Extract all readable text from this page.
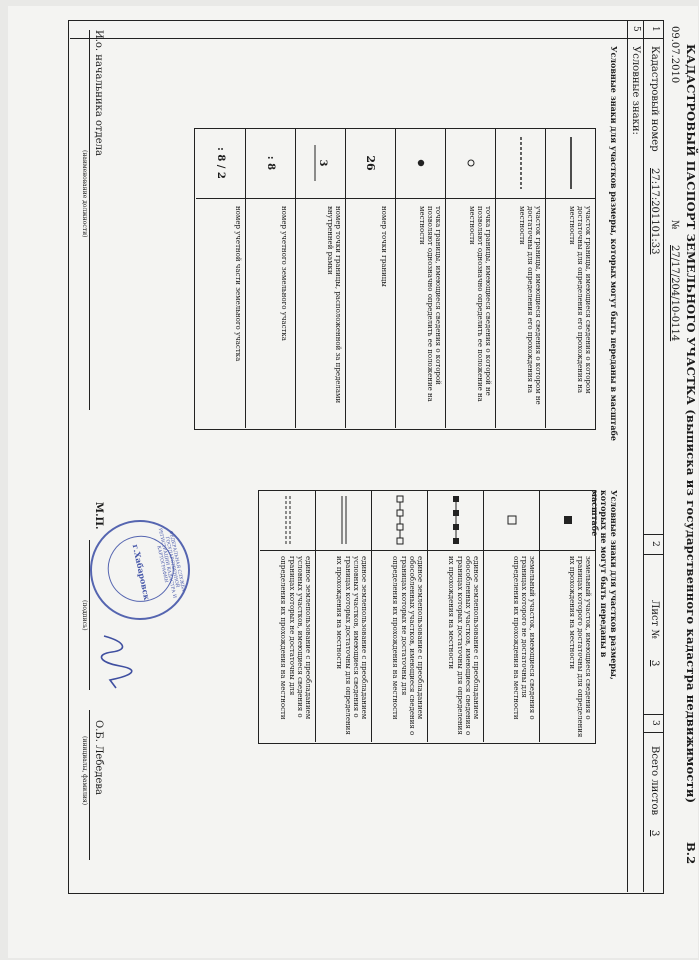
КАДАСТРОВЫЙ ПАСПОРТ ЗЕМЕЛЬНОГО УЧАСТКА (выписка из государственного кадастра недвижимости)
В.2
09.07.2010
№
27/17/204/10-0114
1
Кадастровый номер
27:17:201101:33
2
Лист №
3
3
Всего листов
3
5
Условные знаки:
Условные знаки для участков размеры, которых могут быть переданы в масштабе
Условные знаки для участков размеры, которых не могут быть переданы в масштабе
26
3
: 8
: 8 / 2
участок границы, имеющиеся сведения о котором достаточны для определения его прохождения на местности
участок границы, имеющиеся сведения о котором не достаточны для определения его прохождения на местности
точка границы, имеющиеся сведения о которой не позволяют однозначно определить ее положение на местности
точка границы, имеющиеся сведения о которой позволяют однозначно определить ее положение на местности
номер точки границы
номер точки границы, расположенной за пределами внутренней рамки
номер учетного земельного участка
номер учетной части земельного участка
земельный участок, имеющиеся сведения о границах которого достаточны для определения их прохождения на местности
земельный участок, имеющиеся сведения о границах которого не достаточны для определения их прохождения на местности
единое землепользование с преобладанием обособленных участков, имеющиеся сведения о границах которых достаточны для определения их прохождения на местности
единое землепользование с преобладанием обособленных участков, имеющиеся сведения о границах которых не достаточны для определения их прохождения на местности
единое землепользование с преобладанием условных участков, имеющиеся сведения о границах которых достаточны для определения их прохождения на местности
единое землепользование с преобладанием условных участков, имеющиеся сведения о границах которых не достаточны для определения их прохождения на местности
И.о. начальника отдела
(наименование должности)
М.П.
(подпись)
О.Б. Лебедева
(инициалы, фамилия)
ФЕДЕРАЛЬНАЯ СЛУЖБА ГОСУДАРСТВЕННОЙ РЕГИСТРАЦИИ КАДАСТРА И КАРТОГРАФИИ
г.Хабаровск
